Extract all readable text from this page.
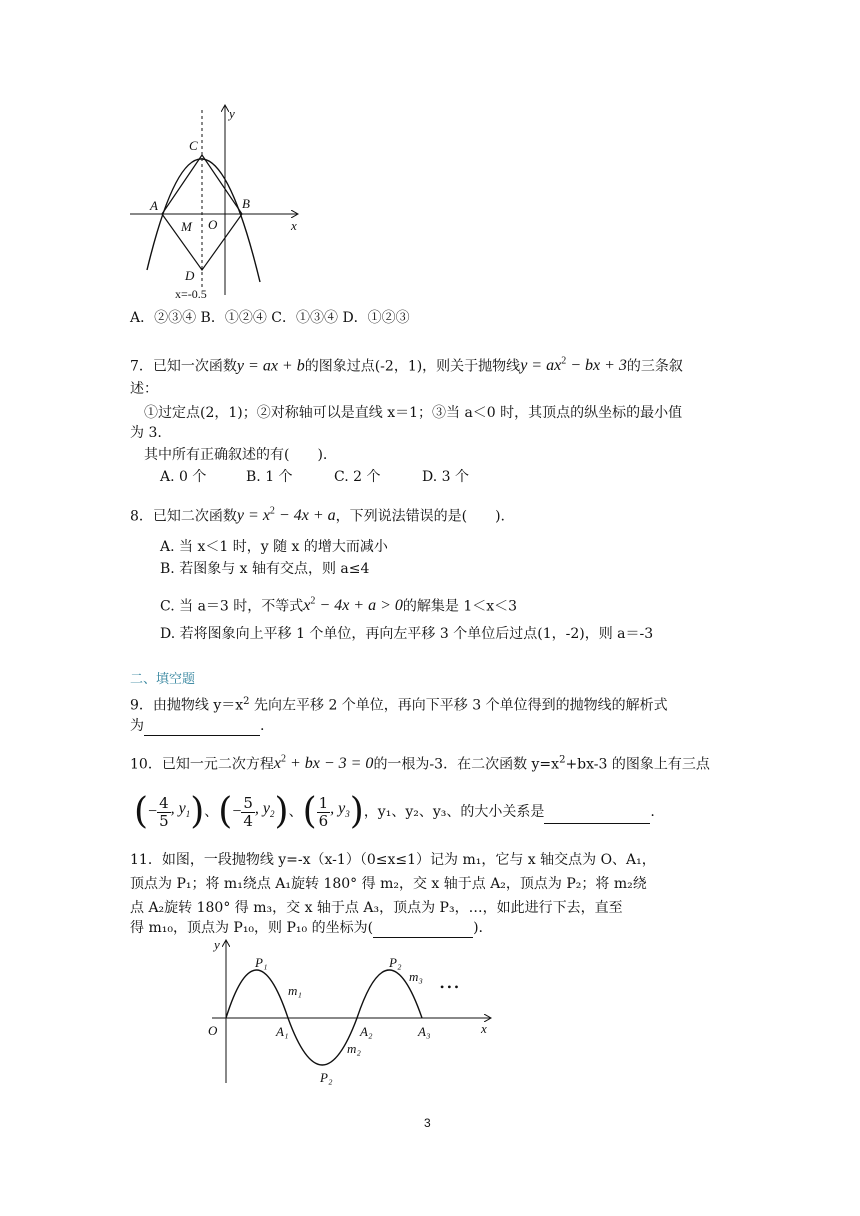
y
x
C
A	B
M O
D
x=-0.5
A．②③④ B．①②④ C．①③④ D．①②③
7．已知一次函数y = ax + b的图象过点(-2，1)，则关于抛物线$y = ax^2$ − bx + 3的三条叙
述：
①过定点(2，1)；②对称轴可以是直线 x＝1；③当 a＜0 时，其顶点的纵坐标的最小值
为 3.
其中所有正确叙述的有(　　).
A. 0 个	B. 1 个	C. 2 个	D. 3 个
8．已知二次函数$y = x^2 - 4x + a$，下列说法错误的是(　　).
A. 当 x＜1 时，y 随 x 的增大而减小
B. 若图象与 x 轴有交点，则 a≤4
C. 当 a＝3 时，不等式$x^2 - 4x + a > 0$的解集是 1＜x＜3
D. 若将图象向上平移 1 个单位，再向左平移 3 个单位后过点(1，-2)，则 a＝-3
二、填空题
9．由抛物线 $y=x^2$ 先向左平移 2 个单位，再向下平移 3 个单位得到的抛物线的解析式
为	.
10．已知一元二次方程$x^2$ + bx − 3 = 0的一根为-3．在二次函数 $y=x^2+bx-3$ 的图象上有三点
( − $\frac{4}{5}$ , $y_1$ ) 、 ( − $\frac{5}{4}$ , $y_2$ ) 、 ( $\frac{1}{6}$ , $y_3$ ) ，y₁、y₂、y₃、的大小关系是	.
11．如图，一段抛物线 y=-x（x-1）（0≤x≤1）记为 m₁，它与 x 轴交点为 O、A₁，
顶点为 P₁；将 m₁绕点 A₁旋转 180° 得 m₂，交 x 轴于点 A₂，顶点为 P₂；将 m₂绕
点 A₂旋转 180° 得 m₃，交 x 轴于点 A₃，顶点为 P₃，…，如此进行下去，直至
得 m₁₀，顶点为 P₁₀，则 P₁₀ 的坐标为(	).
y
x
O
P₁
m₁
A₁
m₂
P₂
A₂
P₂
m₃
A₃
• • •
3
